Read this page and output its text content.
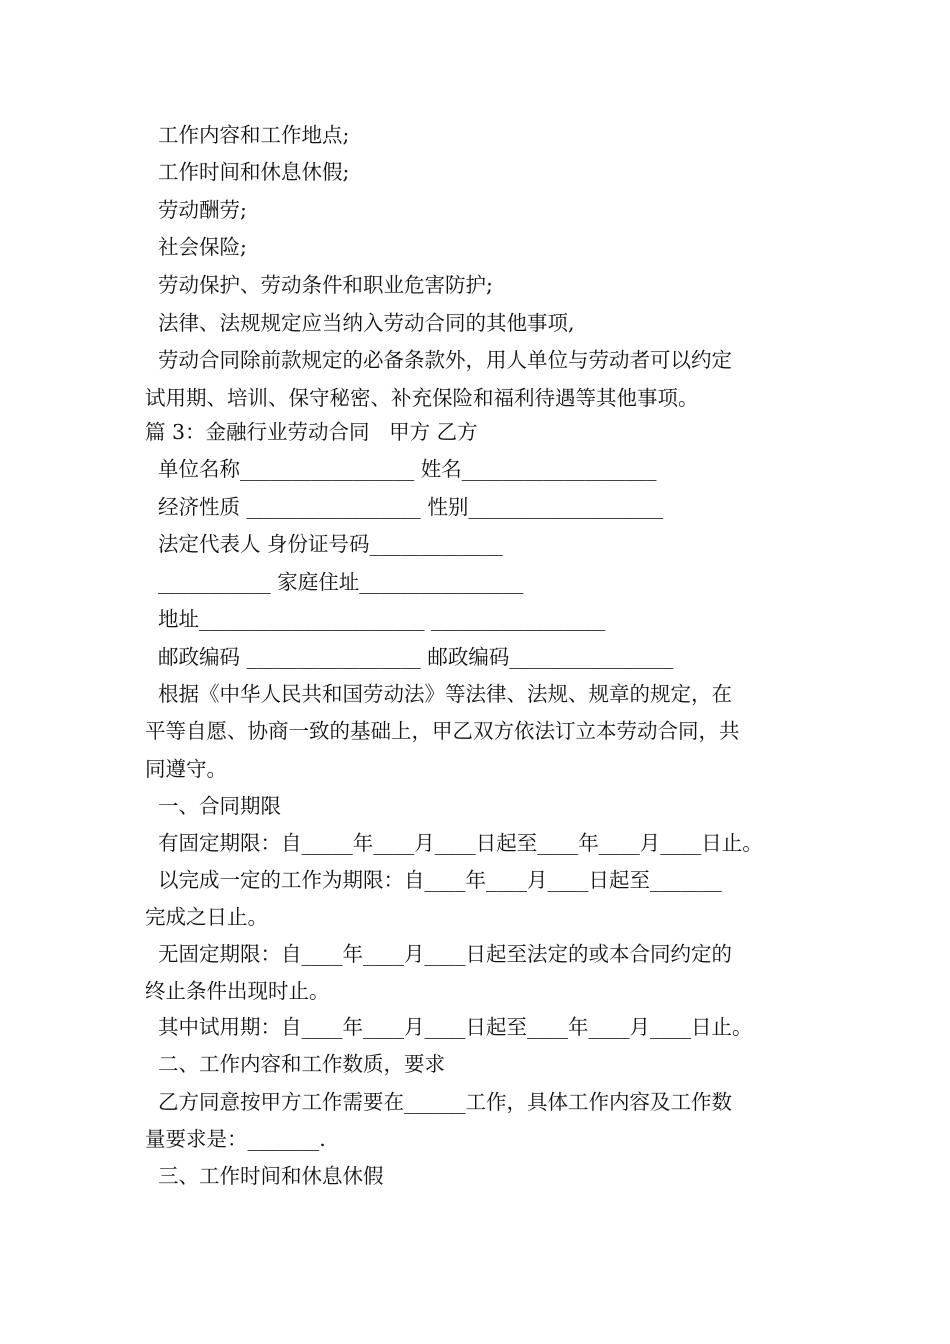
工作内容和工作地点;
工作时间和休息休假;
劳动酬劳;
社会保险;
劳动保护、劳动条件和职业危害防护;
法律、法规规定应当纳入劳动合同的其他事项,
劳动合同除前款规定的必备条款外，用人单位与劳动者可以约定
试用期、培训、保守秘密、补充保险和福利待遇等其他事项。
篇 3：金融行业劳动合同   甲方 乙方
单位名称_________________ 姓名___________________
经济性质 _________________ 性别___________________
法定代表人 身份证号码_____________
___________ 家庭住址________________
地址______________________ _________________
邮政编码 _________________ 邮政编码________________
根据《中华人民共和国劳动法》等法律、法规、规章的规定，在
平等自愿、协商一致的基础上，甲乙双方依法订立本劳动合同，共
同遵守。
一、合同期限
有固定期限：自_____年____月____日起至____年____月____日止。
以完成一定的工作为期限：自____年____月____日起至_______
完成之日止。
无固定期限：自____年____月____日起至法定的或本合同约定的
终止条件出现时止。
其中试用期：自____年____月____日起至____年____月____日止。
二、工作内容和工作数质，要求
乙方同意按甲方工作需要在______工作，具体工作内容及工作数
量要求是：_______.
三、工作时间和休息休假
